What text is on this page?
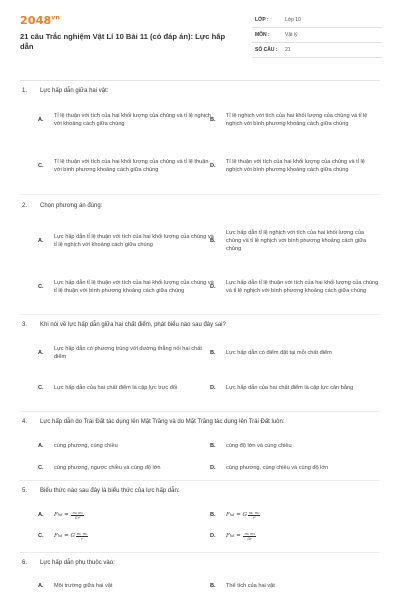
$2048^{vn}$
21 câu Trắc nghiệm Vật Lí 10 Bài 11 (có đáp án): Lực hấp dẫn
LỚP :	Lớp 10
MÔN :	Vật lý
SỐ CÂU : 21
1.	Lực hấp dẫn giữa hai vật:
A.
Tỉ lệ thuận với tích của hai khối lượng của chúng và tỉ lệ nghịch với khoảng cách giữa chúng
B.
Tỉ lệ nghịch với tích của hai khối lượng của chúng và tỉ lệ nghịch với bình phương khoảng cách giữa chúng
C.
Tỉ lệ thuận với tích của hai khối lượng của chúng và tỉ lệ thuận với bình phương khoảng cách giữa chúng
D.
Tỉ lệ thuận với tích của hai khối lượng của chúng và tỉ lệ nghịch với bình phương khoảng cách giữa chúng
2.	Chọn phương án đúng:
A.
Lực hấp dẫn tỉ lệ thuận với tích của hai khối lượng của chúng và tỉ lệ nghịch với khoảng cách giữa chúng
B.
Lực hấp dẫn tỉ lệ nghịch với tích của hai khối lượng của chúng và tỉ lệ nghịch với bình phương khoảng cách giữa chúng
C.
Lực hấp dẫn tỉ lệ thuận với tích của hai khối lượng của chúng và tỉ lệ thuận với bình phương khoảng cách giữa chúng
D.
Lực hấp dẫn tỉ lệ thuận với tích của hai khối lượng của chúng và tỉ lệ nghịch với bình phương khoảng cách giữa chúng
3.	Khi nói về lực hấp dẫn giữa hai chất điểm, phát biểu nào sau đây sai?
A.
Lực hấp dẫn có phương trùng với đường thẳng nối hai chất điểm
B.	Lực hấp dẫn có điểm đặt tại mỗi chất điểm
C.	Lực hấp dẫn của hai chất điểm là cặp lực trực đối	D.	Lực hấp dẫn của hai chất điểm là cặp lực cân bằng
4.	Lực hấp dẫn do Trái Đất tác dụng lên Mặt Trăng và do Mặt Trăng tác dụng lên Trái Đất luôn:
A.	cùng phương, cùng chiều	B.	cùng độ lớn và cùng chiều
C.	cùng phương, ngược chiều và cùng độ lớn	D.	cùng phương, cùng chiều và cùng độ lớn
5.	Biểu thức nào sau đây là biểu thức của lực hấp dẫn:
A.	F hd = $\frac{\text{m₁ m₂}}{\text{Gr²}}$	B.	F hd = G $\frac{\text{m₁ m₂}}{\text{r²}}$
C.	F hd = G $\frac{\text{m₁ m₂}}{r}$	D.	F hd = $\frac{\text{m₁ m₂}}{Gr}$
6.	Lực hấp dẫn phụ thuộc vào:
A.	Môi trường giữa hai vật	B.	Thể tích của hai vật
